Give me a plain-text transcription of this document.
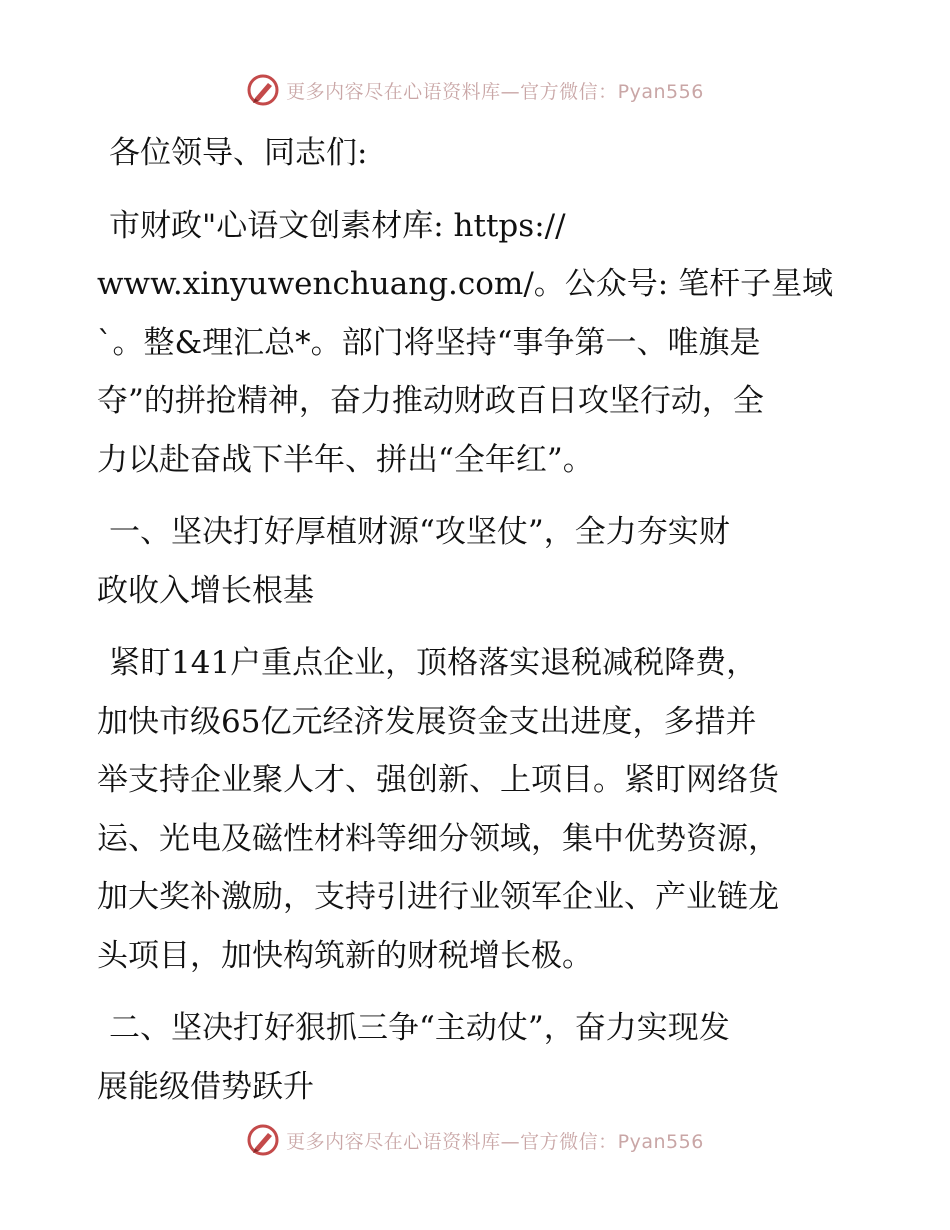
更多内容尽在心语资料库—官方微信：Pyan556

各位领导、同志们:

市财政"心语文创素材库: https://

www.xinyuwenchuang.com/。公众号: 笔杆子星域

`。整&理汇总*。部门将坚持“事争第一、唯旗是

夺”的拼抢精神，奋力推动财政百日攻坚行动，全

力以赴奋战下半年、拼出“全年红”。

一、坚决打好厚植财源“攻坚仗”，全力夯实财

政收入增长根基

紧盯141户重点企业，顶格落实退税减税降费，

加快市级65亿元经济发展资金支出进度，多措并

举支持企业聚人才、强创新、上项目。紧盯网络货

运、光电及磁性材料等细分领域，集中优势资源，

加大奖补激励，支持引进行业领军企业、产业链龙

头项目，加快构筑新的财税增长极。

二、坚决打好狠抓三争“主动仗”，奋力实现发

展能级借势跃升

更多内容尽在心语资料库—官方微信：Pyan556
